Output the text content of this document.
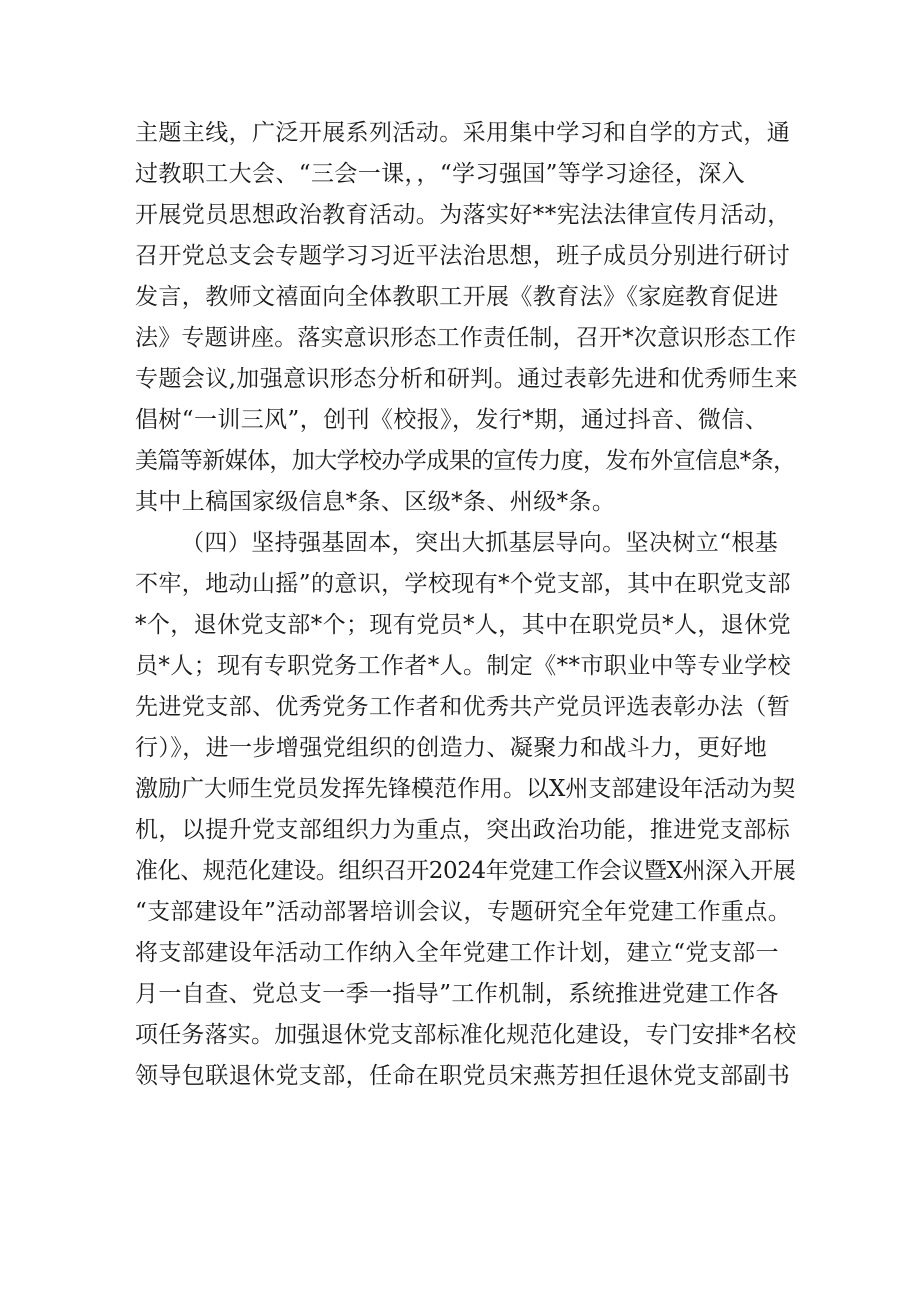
主题主线，广泛开展系列活动。采用集中学习和自学的方式，通
过教职工大会、“三会一课，，“学习强国”等学习途径，深入
开展党员思想政治教育活动。为落实好**宪法法律宣传月活动，
召开党总支会专题学习习近平法治思想，班子成员分别进行研讨
发言，教师文禧面向全体教职工开展《教育法》《家庭教育促进
法》专题讲座。落实意识形态工作责任制，召开*次意识形态工作
专题会议,加强意识形态分析和研判。通过表彰先进和优秀师生来
倡树“一训三风”，创刊《校报》，发行*期，通过抖音、微信、
美篇等新媒体，加大学校办学成果的宣传力度，发布外宣信息*条，
其中上稿国家级信息*条、区级*条、州级*条。
（四）坚持强基固本，突出大抓基层导向。坚决树立“根基
不牢，地动山摇”的意识，学校现有*个党支部，其中在职党支部
*个，退休党支部*个；现有党员*人，其中在职党员*人，退休党
员*人；现有专职党务工作者*人。制定《**市职业中等专业学校
先进党支部、优秀党务工作者和优秀共产党员评选表彰办法（暂
行）》，进一步增强党组织的创造力、凝聚力和战斗力，更好地
激励广大师生党员发挥先锋模范作用。以X州支部建设年活动为契
机，以提升党支部组织力为重点，突出政治功能，推进党支部标
准化、规范化建设。组织召开2024年党建工作会议暨X州深入开展
“支部建设年”活动部署培训会议，专题研究全年党建工作重点。
将支部建设年活动工作纳入全年党建工作计划，建立“党支部一
月一自查、党总支一季一指导”工作机制，系统推进党建工作各
项任务落实。加强退休党支部标准化规范化建设，专门安排*名校
领导包联退休党支部，任命在职党员宋燕芳担任退休党支部副书
